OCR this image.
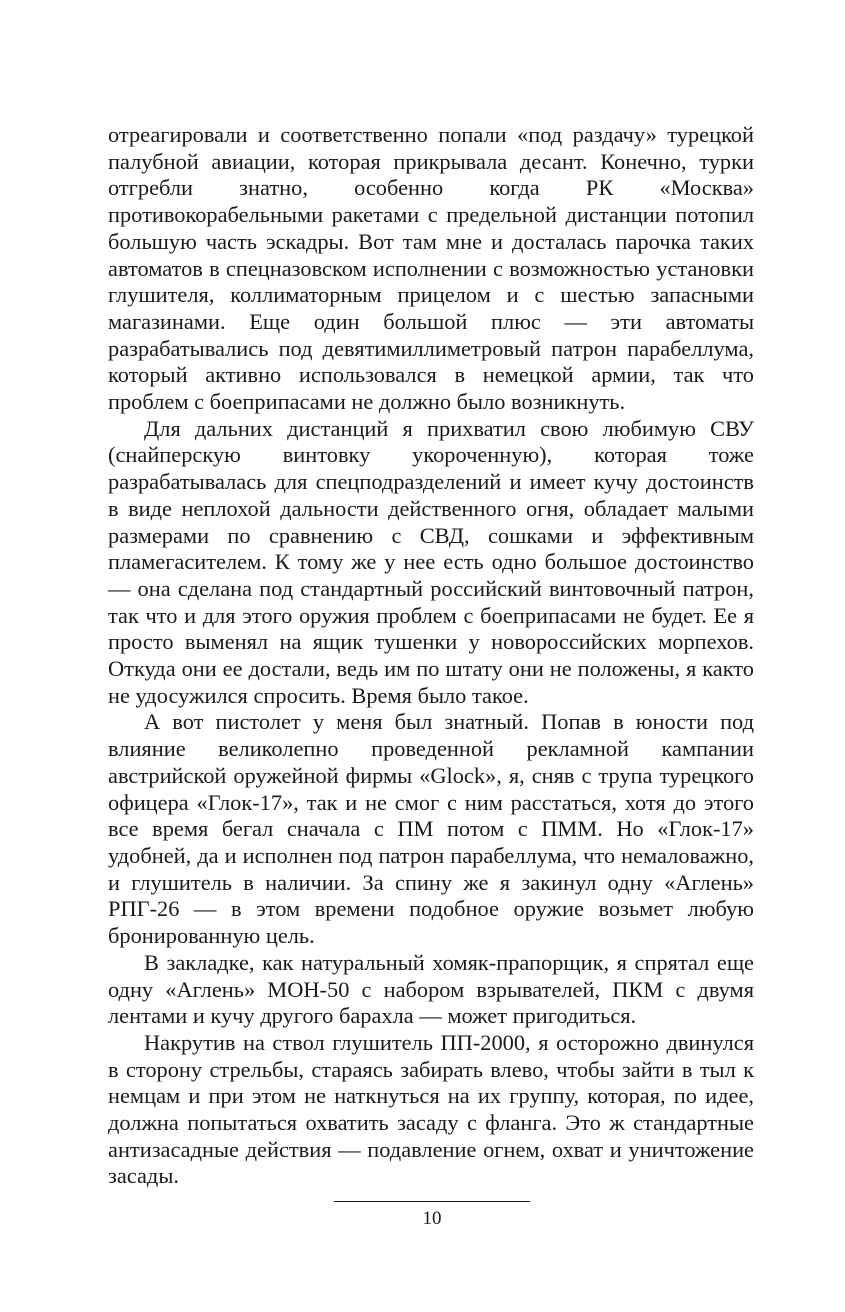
отреагировали и соответственно попали «под раздачу» турецкой палубной авиации, которая прикрывала десант. Конечно, турки отгребли знатно, особенно когда РК «Москва» противокорабельными ракетами с предельной дистанции потопил большую часть эскадры. Вот там мне и досталась парочка таких автоматов в спецназовском исполнении с возможностью установки глушителя, коллиматорным прицелом и с шестью запасными магазинами. Еще один большой плюс — эти автоматы разрабатывались под девятимиллиметровый патрон парабеллума, который активно использовался в немецкой армии, так что проблем с боеприпасами не должно было возникнуть.

Для дальних дистанций я прихватил свою любимую СВУ (снайперскую винтовку укороченную), которая тоже разрабатывалась для спецподразделений и имеет кучу достоинств в виде неплохой дальности действенного огня, обладает малыми размерами по сравнению с СВД, сошками и эффективным пламегасителем. К тому же у нее есть одно большое достоинство — она сделана под стандартный российский винтовочный патрон, так что и для этого оружия проблем с боеприпасами не будет. Ее я просто выменял на ящик тушенки у новороссийских морпехов. Откуда они ее достали, ведь им по штату они не положены, я както не удосужился спросить. Время было такое.

А вот пистолет у меня был знатный. Попав в юности под влияние великолепно проведенной рекламной кампании австрийской оружейной фирмы «Glock», я, сняв с трупа турецкого офицера «Глок-17», так и не смог с ним расстаться, хотя до этого все время бегал сначала с ПМ потом с ПММ. Но «Глок-17» удобней, да и исполнен под патрон парабеллума, что немаловажно, и глушитель в наличии. За спину же я закинул одну «Аглень» РПГ-26 — в этом времени подобное оружие возьмет любую бронированную цель.

В закладке, как натуральный хомяк-прапорщик, я спрятал еще одну «Аглень» МОН-50 с набором взрывателей, ПКМ с двумя лентами и кучу другого барахла — может пригодиться.

Накрутив на ствол глушитель ПП-2000, я осторожно двинулся в сторону стрельбы, стараясь забирать влево, чтобы зайти в тыл к немцам и при этом не наткнуться на их группу, которая, по идее, должна попытаться охватить засаду с фланга. Это ж стандартные антизасадные действия — подавление огнем, охват и уничтожение засады.

10
